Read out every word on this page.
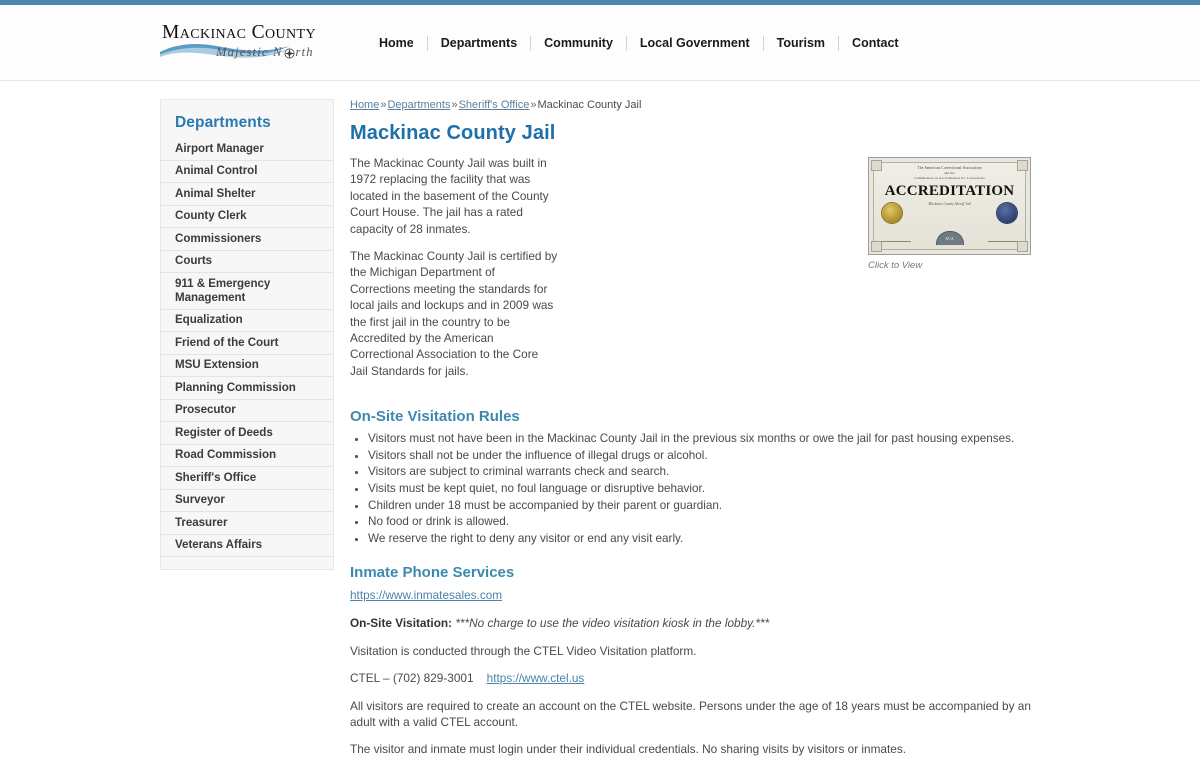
Mackinac County
Majestic N rth
Home	Departments	Community	Local Government	Tourism	Contact
Departments
Airport Manager
Animal Control
Animal Shelter
County Clerk
Commissioners
Courts
911 & Emergency Management
Equalization
Friend of the Court
MSU Extension
Planning Commission
Prosecutor
Register of Deeds
Road Commission
Sheriff's Office
Surveyor
Treasurer
Veterans Affairs
Home»Departments»Sheriff's Office»Mackinac County Jail
Mackinac County Jail
The American Correctional Association
and the
Commission on Accreditation for Corrections
ACCREDITATION
Mackinac County Sheriff Jail
ACA
Click to View

The Mackinac County Jail was built in 1972 replacing the facility that was located in the basement of the County Court House. The jail has a rated capacity of 28 inmates.

The Mackinac County Jail is certified by the Michigan Department of Corrections meeting the standards for local jails and lockups and in 2009 was the first jail in the country to be Accredited by the American Correctional Association to the Core Jail Standards for jails.

On-Site Visitation Rules
• Visitors must not have been in the Mackinac County Jail in the previous six months or owe the jail for past housing expenses.
• Visitors shall not be under the influence of illegal drugs or alcohol.
• Visitors are subject to criminal warrants check and search.
• Visits must be kept quiet, no foul language or disruptive behavior.
• Children under 18 must be accompanied by their parent or guardian.
• No food or drink is allowed.
• We reserve the right to deny any visitor or end any visit early.
Inmate Phone Services
https://www.inmatesales.com

On-Site Visitation: ***No charge to use the video visitation kiosk in the lobby.***

Visitation is conducted through the CTEL Video Visitation platform.

CTEL – (702) 829-3001 https://www.ctel.us

All visitors are required to create an account on the CTEL website. Persons under the age of 18 years must be accompanied by an adult with a valid CTEL account.

The visitor and inmate must login under their individual credentials. No sharing visits by visitors or inmates.
